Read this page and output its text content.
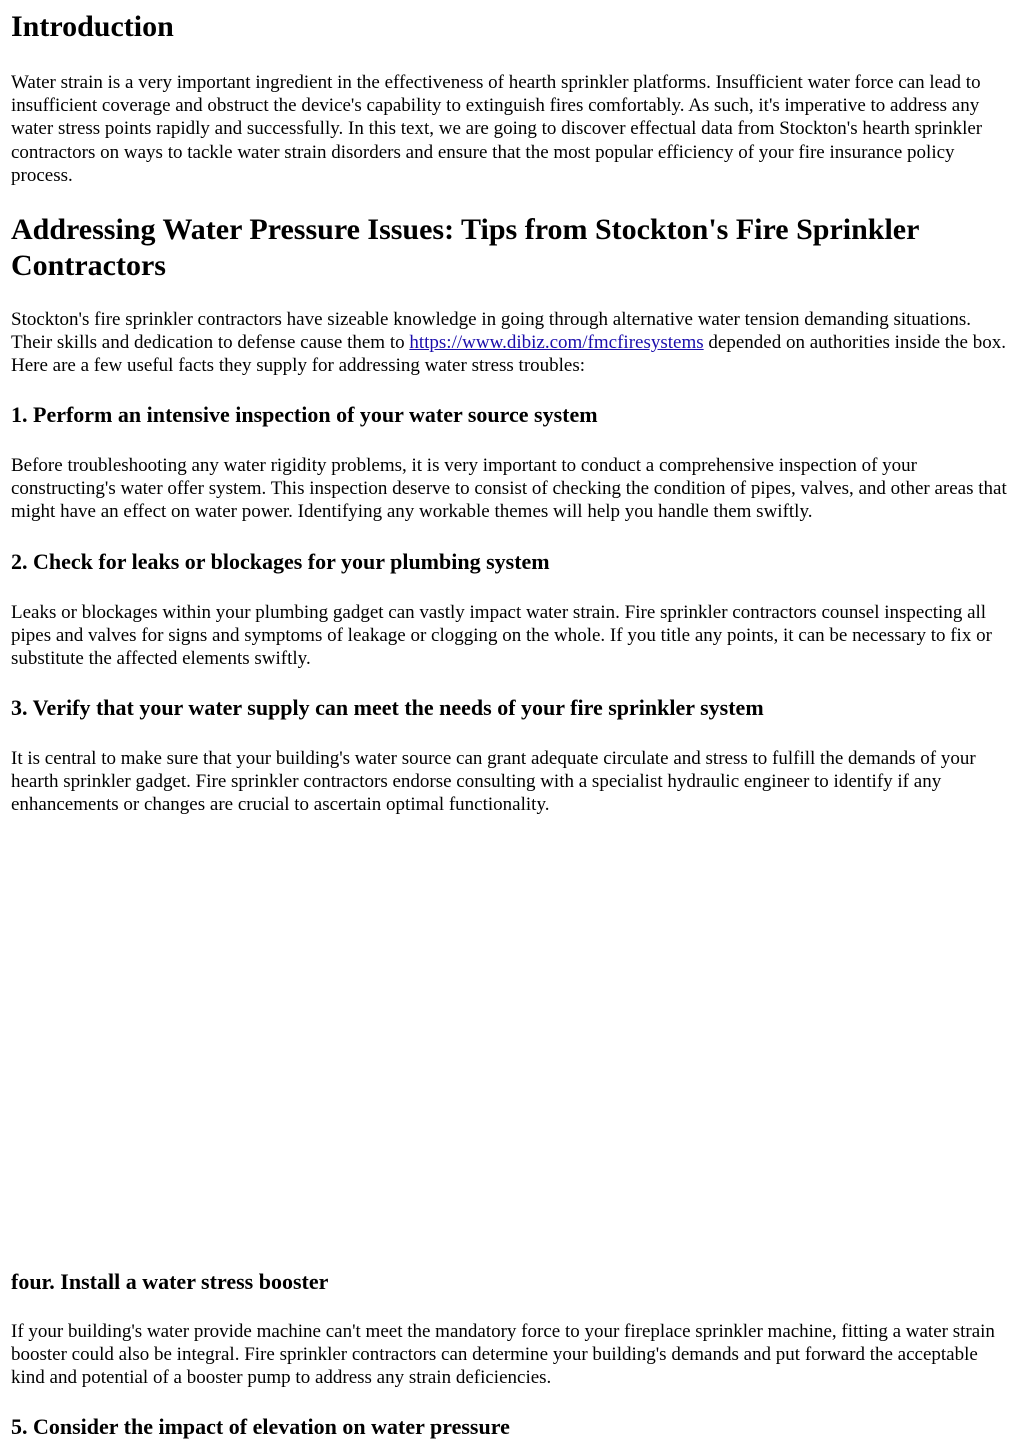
Introduction

Water strain is a very important ingredient in the effectiveness of hearth sprinkler platforms. Insufficient water force can lead to insufficient coverage and obstruct the device's capability to extinguish fires comfortably. As such, it's imperative to address any water stress points rapidly and successfully. In this text, we are going to discover effectual data from Stockton's hearth sprinkler contractors on ways to tackle water strain disorders and ensure that the most popular efficiency of your fire insurance policy process.

Addressing Water Pressure Issues: Tips from Stockton's Fire Sprinkler Contractors

Stockton's fire sprinkler contractors have sizeable knowledge in going through alternative water tension demanding situations. Their skills and dedication to defense cause them to https://www.dibiz.com/fmcfiresystems depended on authorities inside the box. Here are a few useful facts they supply for addressing water stress troubles:

1. Perform an intensive inspection of your water source system

Before troubleshooting any water rigidity problems, it is very important to conduct a comprehensive inspection of your constructing's water offer system. This inspection deserve to consist of checking the condition of pipes, valves, and other areas that might have an effect on water power. Identifying any workable themes will help you handle them swiftly.

2. Check for leaks or blockages for your plumbing system

Leaks or blockages within your plumbing gadget can vastly impact water strain. Fire sprinkler contractors counsel inspecting all pipes and valves for signs and symptoms of leakage or clogging on the whole. If you title any points, it can be necessary to fix or substitute the affected elements swiftly.

3. Verify that your water supply can meet the needs of your fire sprinkler system

It is central to make sure that your building's water source can grant adequate circulate and stress to fulfill the demands of your hearth sprinkler gadget. Fire sprinkler contractors endorse consulting with a specialist hydraulic engineer to identify if any enhancements or changes are crucial to ascertain optimal functionality.

four. Install a water stress booster

If your building's water provide machine can't meet the mandatory force to your fireplace sprinkler machine, fitting a water strain booster could also be integral. Fire sprinkler contractors can determine your building's demands and put forward the acceptable kind and potential of a booster pump to address any strain deficiencies.

5. Consider the impact of elevation on water pressure
